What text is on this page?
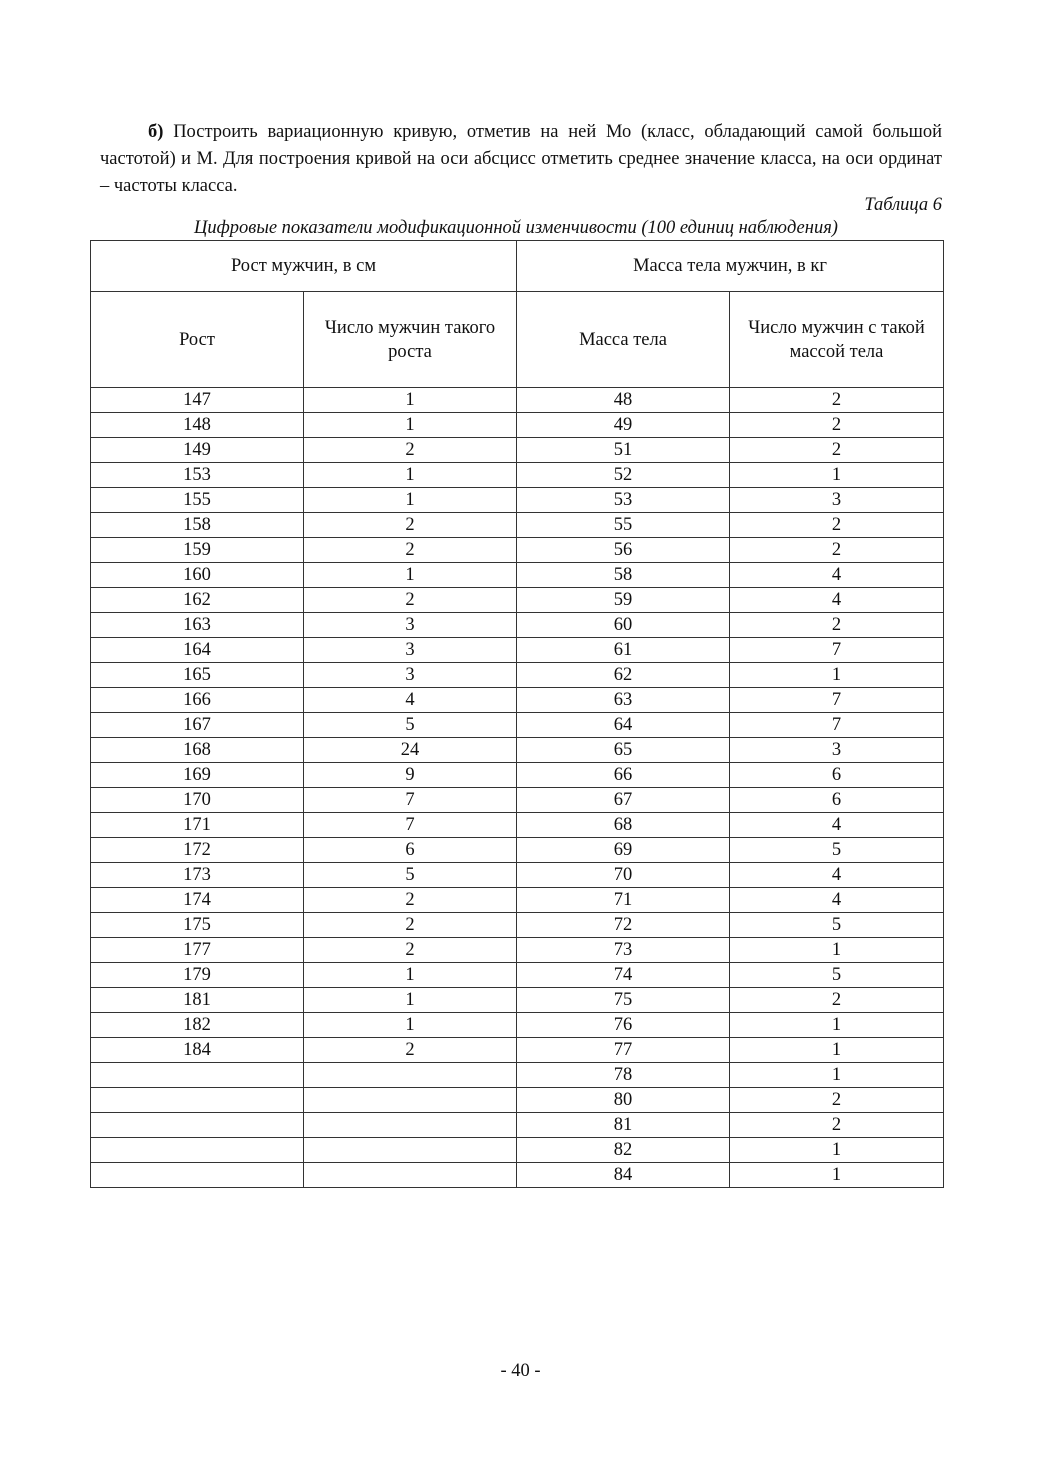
б) Построить вариационную кривую, отметив на ней Мо (класс, обладающий самой большой частотой) и М. Для построения кривой на оси абсцисс отметить среднее значение класса, на оси ординат – частоты класса.
Таблица 6
Цифровые показатели модификационной изменчивости (100 единиц наблюдения)
Рост мужчин, в см		Масса тела мужчин, в кг	
Рост	Число мужчин такого роста	Масса тела	Число мужчин с такой массой тела
147	1	48	2
148	1	49	2
149	2	51	2
153	1	52	1
155	1	53	3
158	2	55	2
159	2	56	2
160	1	58	4
162	2	59	4
163	3	60	2
164	3	61	7
165	3	62	1
166	4	63	7
167	5	64	7
168	24	65	3
169	9	66	6
170	7	67	6
171	7	68	4
172	6	69	5
173	5	70	4
174	2	71	4
175	2	72	5
177	2	73	1
179	1	74	5
181	1	75	2
182	1	76	1
184	2	77	1
		78	1
		80	2
		81	2
		82	1
		84	1
- 40 -
